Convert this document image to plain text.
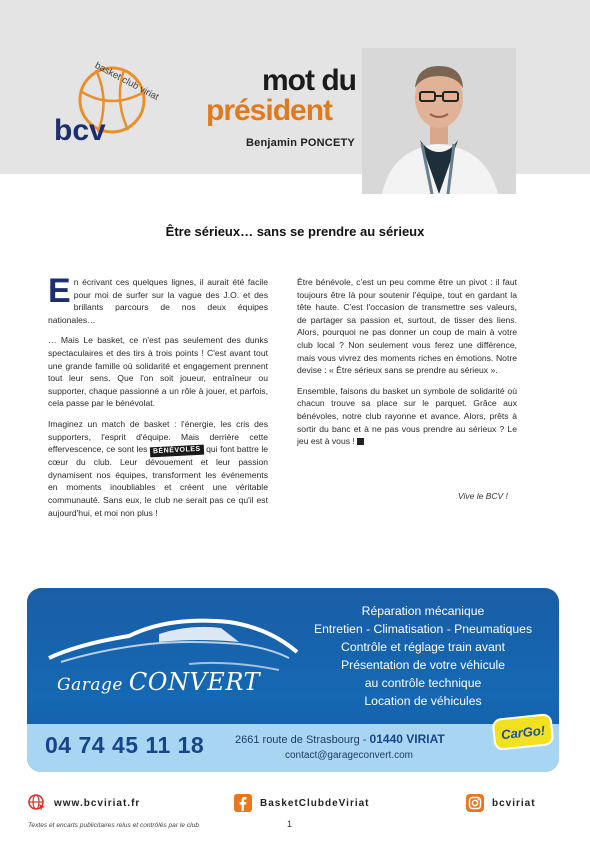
bcv
basket club viriat	mot du
président
Benjamin PONCETY
Être sérieux… sans se prendre au sérieux

En écrivant ces quelques lignes, il aurait été facile pour moi de surfer sur la vague des J.O. et des brillants parcours de nos deux équipes nationales…

… Mais Le basket, ce n'est pas seulement des dunks spectaculaires et des tirs à trois points ! C'est avant tout une grande famille où solidarité et engagement prennent tout leur sens. Que l'on soit joueur, entraîneur ou supporter, chaque passionné a un rôle à jouer, et parfois, cela passe par le bénévolat.

Imaginez un match de basket : l'énergie, les cris des supporters, l'esprit d'équipe. Mais derrière cette effervescence, ce sont les BÉNÉVOLES qui font battre le cœur du club. Leur dévouement et leur passion dynamisent nos équipes, transforment les événements en moments inoubliables et créent une véritable communauté. Sans eux, le club ne serait pas ce qu'il est aujourd'hui, et moi non plus !

Être bénévole, c'est un peu comme être un pivot : il faut toujours être là pour soutenir l'équipe, tout en gardant la tête haute. C'est l'occasion de transmettre ses valeurs, de partager sa passion et, surtout, de tisser des liens. Alors, pourquoi ne pas donner un coup de main à votre club local ? Non seulement vous ferez une différence, mais vous vivrez des moments riches en émotions. Notre devise : « Être sérieux sans se prendre au sérieux ».

Ensemble, faisons du basket un symbole de solidarité où chacun trouve sa place sur le parquet. Grâce aux bénévoles, notre club rayonne et avance. Alors, prêts à sortir du banc et à ne pas vous prendre au sérieux ? Le jeu est à vous !

Vive le BCV !
Garage CONVERT
Réparation mécanique
Entretien - Climatisation - Pneumatiques
Contrôle et réglage train avant
Présentation de votre véhicule
au contrôle technique
Location de véhicules
04 74 45 11 18	2661 route de Strasbourg - 01440 VIRIAT
contact@garageconvert.com
CarGo!
www.bcviriat.fr	BasketClubdeViriat	bcviriat
Textes et encarts publicitaires relus et contrôlés par le club	1
